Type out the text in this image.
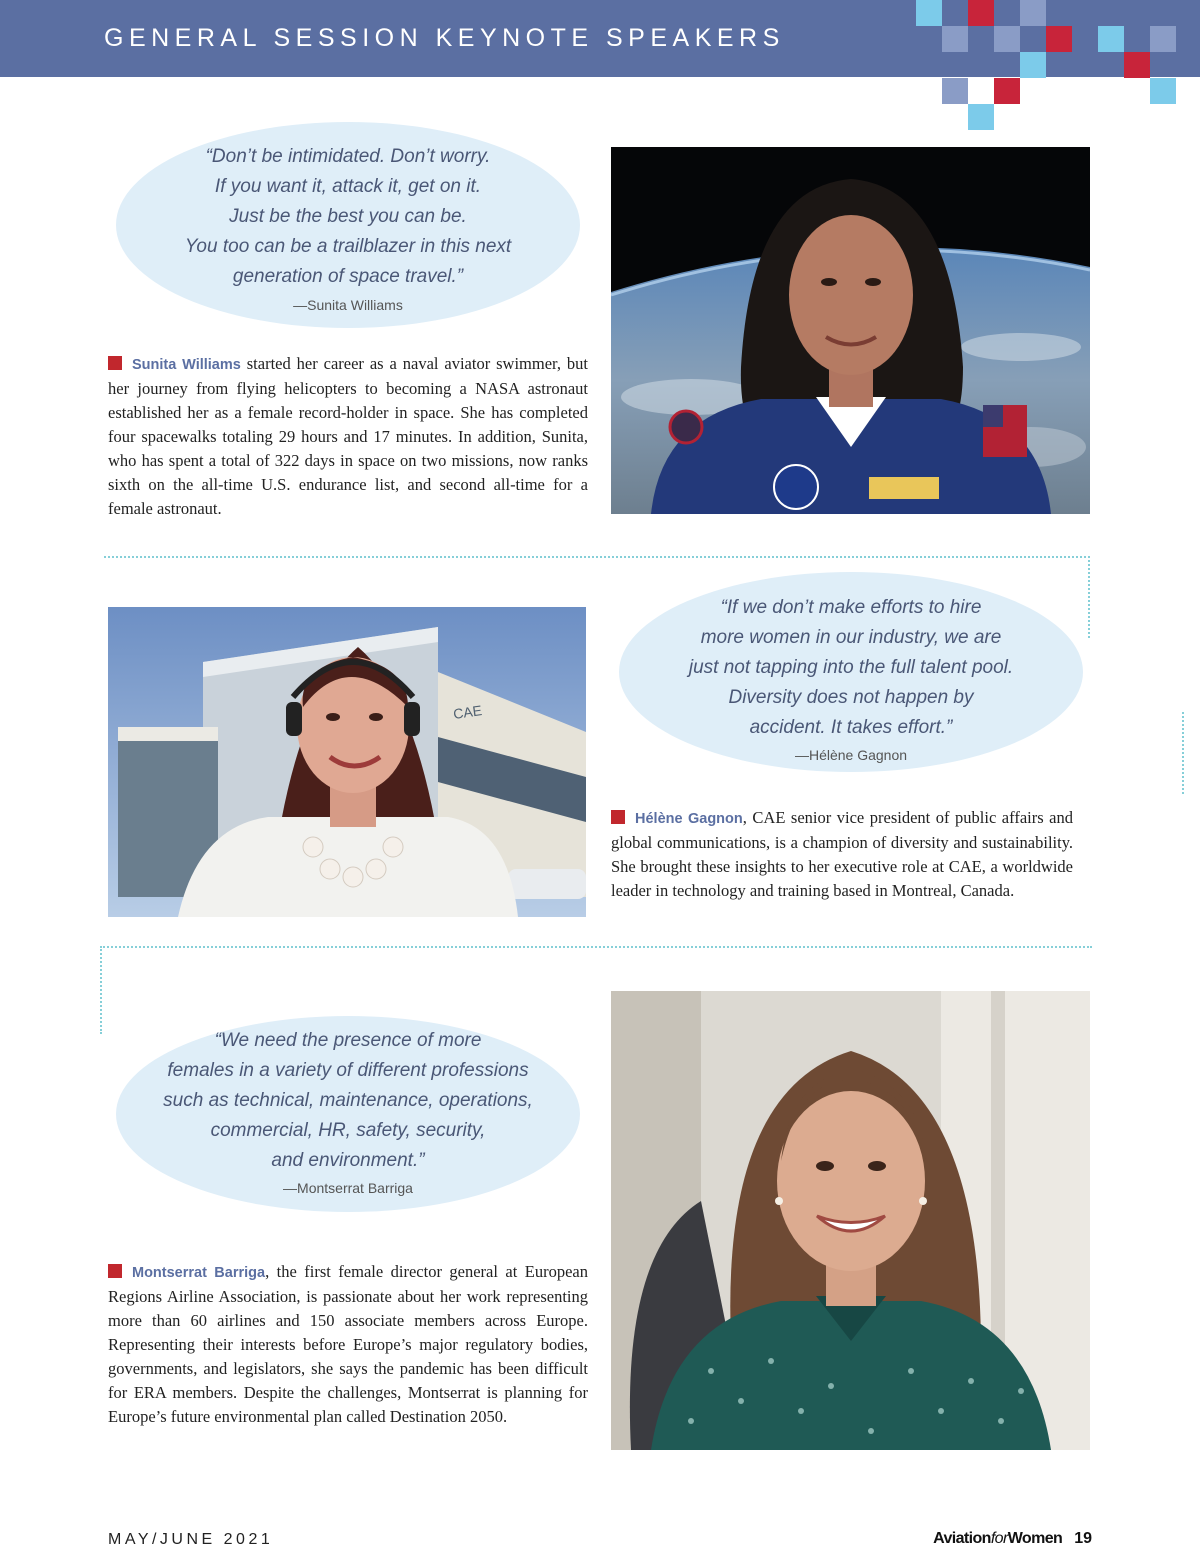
GENERAL SESSION KEYNOTE SPEAKERS
“Don’t be intimidated. Don’t worry.
If you want it, attack it, get on it.
Just be the best you can be.
You too can be a trailblazer in this next
generation of space travel.”
—Sunita Williams

Sunita Williams started her career as a naval aviator swimmer, but her journey from flying helicopters to becoming a NASA astronaut established her as a female record-holder in space. She has completed four spacewalks totaling 29 hours and 17 minutes. In addition, Sunita, who has spent a total of 322 days in space on two missions, now ranks sixth on the all-time U.S. endurance list, and second all-time for a female astronaut.

CAE
“If we don’t make efforts to hire
more women in our industry, we are
just not tapping into the full talent pool.
Diversity does not happen by
accident. It takes effort.”
—Hélène Gagnon

Hélène Gagnon, CAE senior vice president of public affairs and global communications, is a champion of diversity and sustainability. She brought these insights to her executive role at CAE, a worldwide leader in technology and training based in Montreal, Canada.

“We need the presence of more
females in a variety of different professions
such as technical, maintenance, operations,
commercial, HR, safety, security,
and environment.”
—Montserrat Barriga

Montserrat Barriga, the first female director general at European Regions Airline Association, is passionate about her work representing more than 60 airlines and 150 associate members across Europe. Representing their interests before Europe’s major regulatory bodies, governments, and legislators, she says the pandemic has been difficult for ERA members. Despite the challenges, Montserrat is planning for Europe’s future environmental plan called Destination 2050.

MAY/JUNE 2021	AviationforWomen 19
